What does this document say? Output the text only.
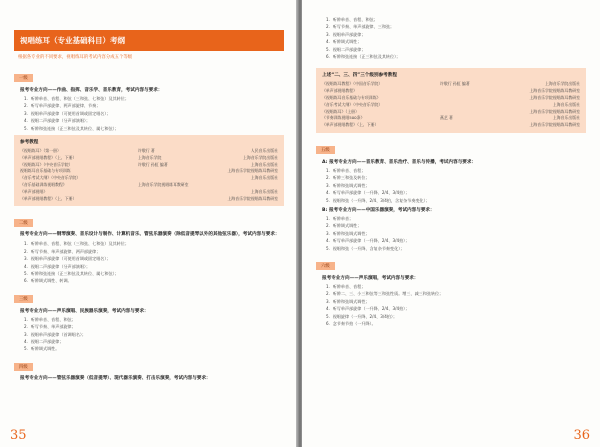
视唱练耳（专业基础科目）考纲
根据各专业的不同要求，视唱练耳的考试内容分成五个等级
一级
报考专业方向——作曲、指挥、音乐学、音乐教育，考试内容与要求：
1．听辨单音、音程、和弦（三和弦、七和弦）及其转位；
2．听写单声部旋律、两声部旋律、节奏；
3．视唱单声部旋律（可使用首调或固定唱名）；
4．视唱二声部旋律（分声部演唱）；
5．听辨和弦连接（正三和弦及其转位、属七和弦）；
参考教程
《视唱练耳》（第一册）	许敬行 著	人民音乐出版社
《单声部视唱教程》（上、下册）	上海音乐学院	上海音乐学院出版社
《视唱练耳》（中央音乐学院）	许敬行 孙虹 编著	上海音乐出版社
视唱练耳音乐基础与专项训练	上海音乐学院视唱练耳教研室
《音乐考试大纲》（中央音乐学院）	上海音乐出版社
《音乐基础训练视唱教程》	上海音乐学院视唱练耳教研室
《单声部视唱》	上海音乐出版社
《单声部视唱教程》（上、下册）	上海音乐学院视唱练耳教研室
二级
报考专业方向——钢琴演奏、音乐设计与制作、计算机音乐、管弦乐器演奏（除低音提琴以外的其他弦乐器），考试内容与要求：
1．听辨单音、音程、和弦（三和弦、七和弦）及其转位；
2．听写节奏、单声部旋律、两声部旋律；
3．视唱单声部旋律（可使用首调或固定唱名）；
4．视唱二声部旋律（分声部演唱）；
5．听辨和弦连接（正三和弦及其转位、属七和弦）；
6．听辨调式调性、转调。
三级
报考专业方向——声乐演唱、民族器乐演奏，考试内容与要求：
1．听辨单音、音程、和弦；
2．听写节奏、单声部旋律；
3．视唱单声部旋律（首调唱名）；
4．视唱二声部旋律；
5．听辨调式调性。
四级
报考专业方向——管弦乐器演奏（低音提琴）、现代器乐演奏、打击乐演奏，考试内容与要求：
35
1．听辨单音、音程、和弦；
2．听写节奏、单声部旋律、三和弦；
3．视唱单声部旋律；
4．听辨调式调性；
5．视唱二声部旋律；
6．听辨和弦连接（正三和弦及其转位）；
上述“二、三、四”三个级别参考教程
《视唱练耳教程》（中国音乐学院）	许敬行 孙虹 编著	上海音乐学院出版社
《单声部视唱教程》	上海音乐学院视唱练耳教研室
《视唱练耳音乐基础与专项训练》	上海音乐学院视唱练耳教研室
《音乐考试大纲》（中央音乐学院）	上海音乐出版社
《视唱练耳》（上册）	上海音乐学院视唱练耳教研室
《节奏训练视唱500条》	燕艺 著	上海音乐出版社
《单声部视唱教程》（上、下册）	上海音乐学院视唱练耳教研室
五级
A: 报考专业方向——音乐教育、音乐治疗、音乐与传播，考试内容与要求：
1．听辨单音、音程；
2．听辨三和弦及转位；
3．听辨和弦调式调性；
4．听写单声部旋律（一升降、2/4、3/4拍）；
5．视唱和弦（一升降、2/4、3/4拍，含复杂节奏变化）；
B: 报考专业方向——中国乐器演奏，考试内容与要求：
1．听辨单音；
2．听辨调式调性；
3．听辨和弦调式调性；
4．听写单声部旋律（一升降、2/4、3/4拍）；
5．视唱和弦（一升降、含复杂节奏变化）；
六级
报考专业方向——声乐演唱，考试内容与要求：
1．听辨单音、音程；
2．听辨二、三、小三和弦等三和弦性质。增三、减三和弦转位；
3．听辨和弦调式调性；
4．听写单声部旋律（一升降、2/4、3/4拍）；
5．视唱旋律（一升降、2/4、3/4拍）；
6．念节奏节拍（一升降）。
36
